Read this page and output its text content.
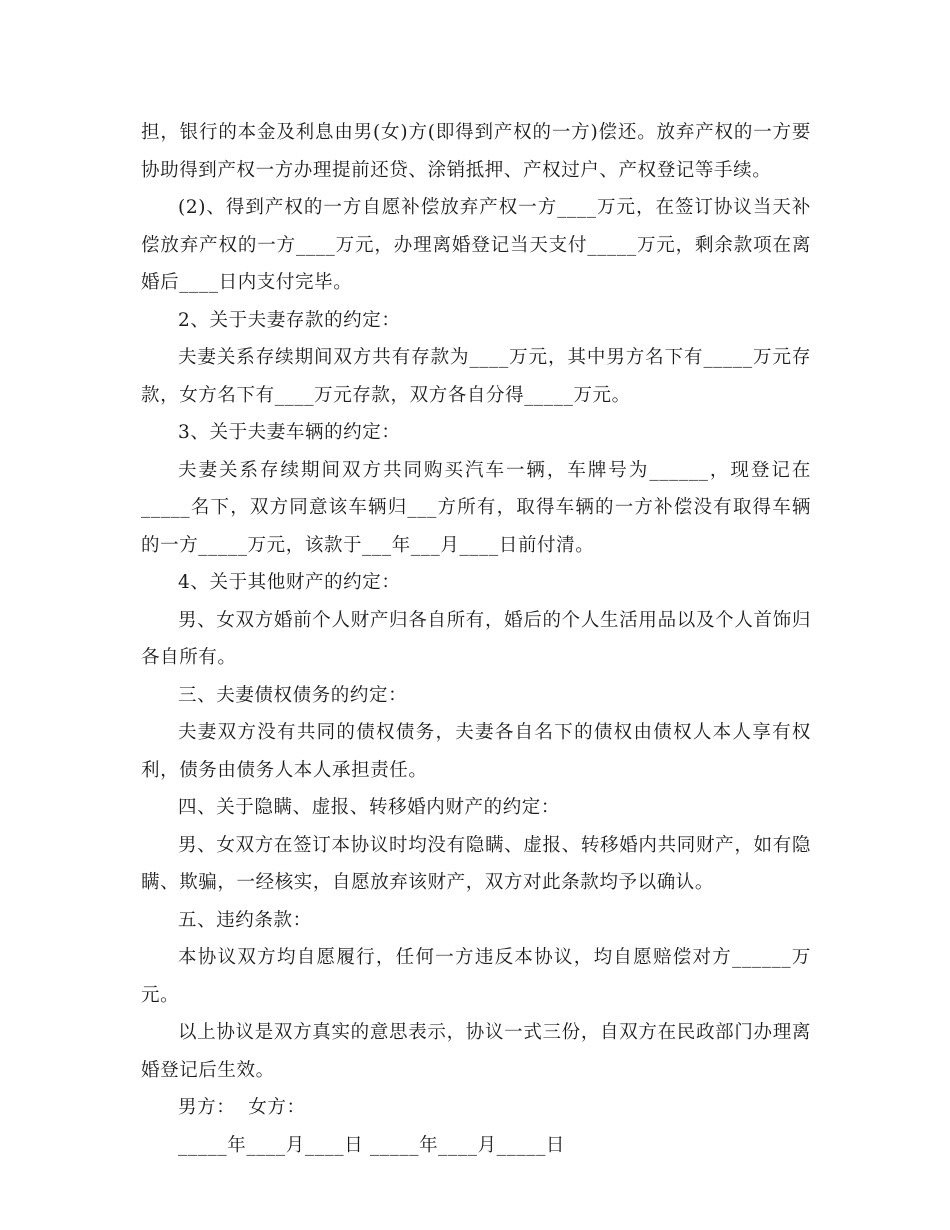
担，银行的本金及利息由男(女)方(即得到产权的一方)偿还。放弃产权的一方要协助得到产权一方办理提前还贷、涂销抵押、产权过户、产权登记等手续。

(2)、得到产权的一方自愿补偿放弃产权一方____万元，在签订协议当天补偿放弃产权的一方____万元，办理离婚登记当天支付_____万元，剩余款项在离婚后____日内支付完毕。

2、关于夫妻存款的约定：

夫妻关系存续期间双方共有存款为____万元，其中男方名下有_____万元存款，女方名下有____万元存款，双方各自分得_____万元。

3、关于夫妻车辆的约定：

夫妻关系存续期间双方共同购买汽车一辆，车牌号为______，现登记在_____名下，双方同意该车辆归___方所有，取得车辆的一方补偿没有取得车辆的一方_____万元，该款于___年___月____日前付清。

4、关于其他财产的约定：

男、女双方婚前个人财产归各自所有，婚后的个人生活用品以及个人首饰归各自所有。

三、夫妻债权债务的约定：

夫妻双方没有共同的债权债务，夫妻各自名下的债权由债权人本人享有权利，债务由债务人本人承担责任。

四、关于隐瞒、虚报、转移婚内财产的约定：

男、女双方在签订本协议时均没有隐瞒、虚报、转移婚内共同财产，如有隐瞒、欺骗，一经核实，自愿放弃该财产，双方对此条款均予以确认。

五、违约条款：

本协议双方均自愿履行，任何一方违反本协议，均自愿赔偿对方______万元。

以上协议是双方真实的意思表示，协议一式三份，自双方在民政部门办理离婚登记后生效。

男方：  女方：

_____年____月____日 _____年____月_____日
